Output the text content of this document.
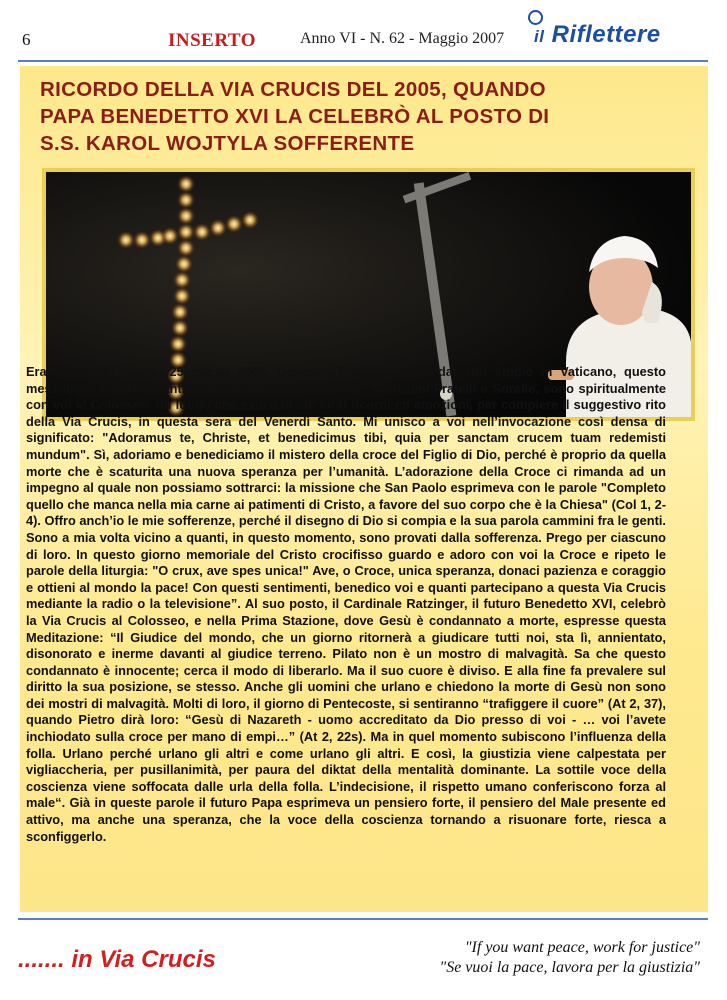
6	INSERTO	Anno VI - N. 62 - Maggio 2007 il Riflettere
RICORDO DELLA VIA CRUCIS DEL 2005, QUANDO
PAPA BENEDETTO XVI LA CELEBRÒ AL POSTO DI
S.S. KAROL WOJTYLA SOFFERENTE

Era il venerdì Santo, 25 marzo 2005, Giovanni Paolo II inviò, dal suo studio in Vaticano, questo messaggio ai partecipanti alla Via Crucis al Colosseo: “Carissimi Fratelli e Sorelle, sono spiritualmente con voi al Colosseo, un luogo che evoca in me tanti ricordi ed emozioni, per compiere il suggestivo rito della Via Crucis, in questa sera del Venerdì Santo. Mi unisco a voi nell’invocazione così densa di significato: "Adoramus te, Christe, et benedicimus tibi, quia per sanctam crucem tuam redemisti mundum". Sì, adoriamo e benediciamo il mistero della croce del Figlio di Dio, perché è proprio da quella morte che è scaturita una nuova speranza per l’umanità. L’adorazione della Croce ci rimanda ad un impegno al quale non possiamo sottrarci: la missione che San Paolo esprimeva con le parole "Completo quello che manca nella mia carne ai patimenti di Cristo, a favore del suo corpo che è la Chiesa" (Col 1, 2-4). Offro anch’io le mie sofferenze, perché il disegno di Dio si compia e la sua parola cammini fra le genti. Sono a mia volta vicino a quanti, in questo momento, sono provati dalla sofferenza. Prego per ciascuno di loro. In questo giorno memoriale del Cristo crocifisso guardo e adoro con voi la Croce e ripeto le parole della liturgia: "O crux, ave spes unica!" Ave, o Croce, unica speranza, donaci pazienza e coraggio e ottieni al mondo la pace! Con questi sentimenti, benedico voi e quanti partecipano a questa Via Crucis mediante la radio o la televisione”. Al suo posto, il Cardinale Ratzinger, il futuro Benedetto XVI, celebrò la Via Crucis al Colosseo, e nella Prima Stazione, dove Gesù è condannato a morte, espresse questa Meditazione: “Il Giudice del mondo, che un giorno ritornerà a giudicare tutti noi, sta lì, annientato, disonorato e inerme davanti al giudice terreno. Pilato non è un mostro di malvagità. Sa che questo condannato è innocente; cerca il modo di liberarlo. Ma il suo cuore è diviso. E alla fine fa prevalere sul diritto la sua posizione, se stesso. Anche gli uomini che urlano e chiedono la morte di Gesù non sono dei mostri di malvagità. Molti di loro, il giorno di Pentecoste, si sentiranno “trafiggere il cuore” (At 2, 37), quando Pietro dirà loro: “Gesù di Nazareth - uomo accreditato da Dio presso di voi - … voi l’avete inchiodato sulla croce per mano di empi…” (At 2, 22s). Ma in quel momento subiscono l’influenza della folla. Urlano perché urlano gli altri e come urlano gli altri. E così, la giustizia viene calpestata per vigliaccheria, per pusillanimità, per paura del diktat della mentalità dominante. La sottile voce della coscienza viene soffocata dalle urla della folla. L’indecisione, il rispetto umano conferiscono forza al male“. Già in queste parole il futuro Papa esprimeva un pensiero forte, il pensiero del Male presente ed attivo, ma anche una speranza, che la voce della coscienza tornando a risuonare forte, riesca a sconfiggerlo.

....... in Via Crucis	"If you want peace, work for justice"
"Se vuoi la pace, lavora per la giustizia"
